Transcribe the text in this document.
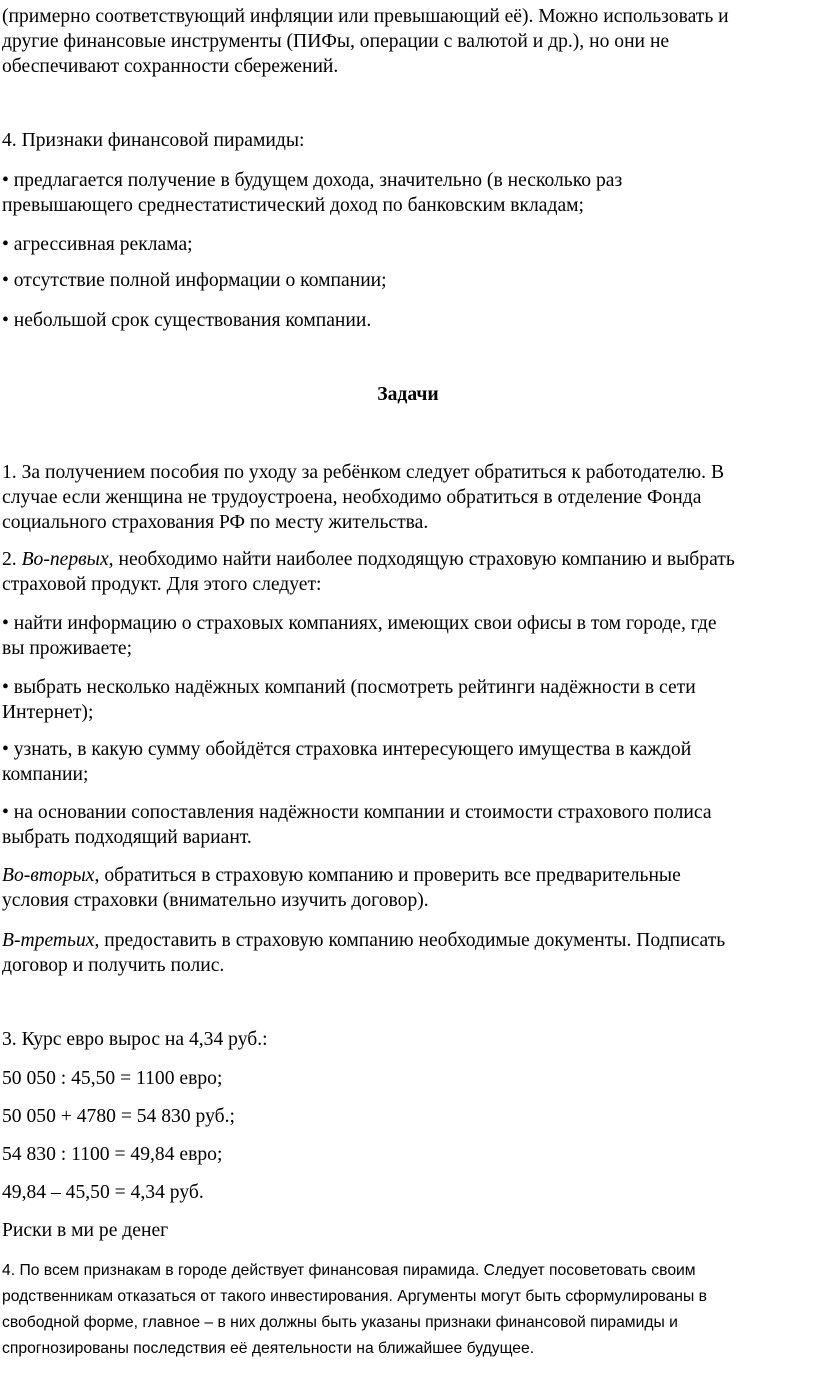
(примерно соответствующий инфляции или превышающий её). Можно использовать и
другие финансовые инструменты (ПИФы, операции с валютой и др.), но они не
обеспечивают сохранности сбережений.
4. Признаки финансовой пирамиды:
• предлагается получение в будущем дохода, значительно (в несколько раз
превышающего среднестатистический доход по банковским вкладам;
• агрессивная реклама;
• отсутствие полной информации о компании;
• небольшой срок существования компании.
Задачи
1. За получением пособия по уходу за ребёнком следует обратиться к работодателю. В
случае если женщина не трудоустроена, необходимо обратиться в отделение Фонда
социального страхования РФ по месту жительства.
2. Во-первых, необходимо найти наиболее подходящую страховую компанию и выбрать
страховой продукт. Для этого следует:
• найти информацию о страховых компаниях, имеющих свои офисы в том городе, где
вы проживаете;
• выбрать несколько надёжных компаний (посмотреть рейтинги надёжности в сети
Интернет);
• узнать, в какую сумму обойдётся страховка интересующего имущества в каждой
компании;
• на основании сопоставления надёжности компании и стоимости страхового полиса
выбрать подходящий вариант.
Во-вторых, обратиться в страховую компанию и проверить все предварительные
условия страховки (внимательно изучить договор).
В-третьих, предоставить в страховую компанию необходимые документы. Подписать
договор и получить полис.
3. Курс евро вырос на 4,34 руб.:
50 050 : 45,50 = 1100 евро;
50 050 + 4780 = 54 830 руб.;
54 830 : 1100 = 49,84 евро;
49,84 – 45,50 = 4,34 руб.
Риски в ми ре денег
4. По всем признакам в городе действует финансовая пирамида. Следует посоветовать своим
родственникам отказаться от такого инвестирования. Аргументы могут быть сформулированы в
свободной форме, главное – в них должны быть указаны признаки финансовой пирамиды и
спрогнозированы последствия её деятельности на ближайшее будущее.
